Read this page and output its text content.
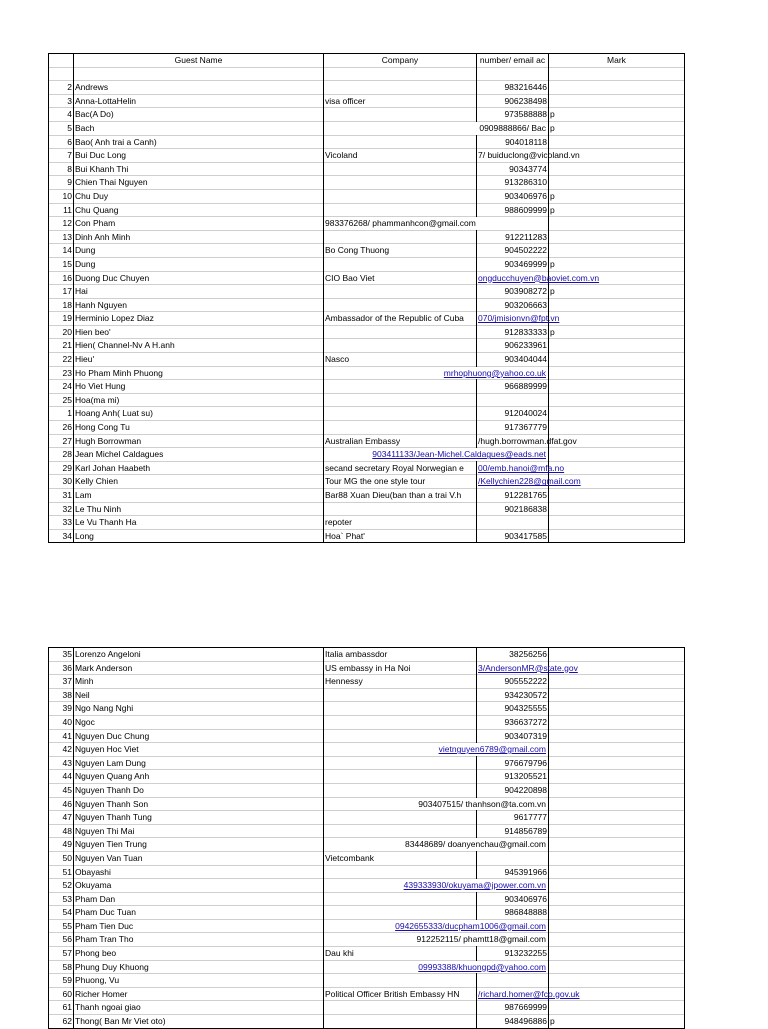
	Guest Name	Company	number/ email ac	Mark

2	Andrews		983216446	
3	Anna-LottaHelin	visa officer	906238498	
4	Bac(A Do)		973588888	p
5	Bach	0909888866/ Bac		p
6	Bao( Anh trai a Canh)		904018118	
7	Bui Duc Long	Vicoland	7/ buiduclong@vicoland.vn	
8	Bui Khanh Thi		90343774	
9	Chien Thai Nguyen		913286310	
10	Chu Duy		903406976	p
11	Chu Quang		988609999	p
12	Con Pham	983376268/ phammanhcon@gmail.com		
13	Dinh Anh Minh		912211283	
14	Dung	Bo Cong Thuong	904502222	
15	Dung		903469999	p
16	Duong Duc Chuyen	CIO Bao Viet	ongducchuyen@baoviet.com.vn	
17	Hai		903908272	p
18	Hanh Nguyen		903206663	
19	Herminio Lopez Diaz	Ambassador of the Republic of Cuba	070/jmisionvn@fpt.vn	
20	Hien beo'		912833333	p
21	Hien( Channel-Nv A H.anh		906233961	
22	Hieu'	Nasco	903404044	
23	Ho Pham Minh Phuong	mrhophuong@yahoo.co.uk		
24	Ho Viet Hung		966889999	
25	Hoa(ma mi)			
1	Hoang Anh( Luat su)		912040024	
26	Hong Cong Tu		917367779	
27	Hugh Borrowman	Australian Embassy	/hugh.borrowman.dfat.gov	
28	Jean Michel Caldagues	903411133/Jean-Michel.Caldagues@eads.net		
29	Karl Johan Haabeth	secand secretary Royal Norwegian e	00/emb.hanoi@mfa.no	
30	Kelly Chien	Tour MG the one style tour	/Kellychien228@gmail.com	
31	Lam	Bar88 Xuan Dieu(ban than a trai V.h	912281765	
32	Le Thu Ninh		902186838	
33	Le Vu Thanh Ha	repoter		
34	Long	Hoa` Phat'	903417585	
35	Lorenzo Angeloni	Italia ambassdor	38256256	
36	Mark Anderson	US embassy in Ha Noi	3/AndersonMR@state.gov	
37	Minh	Hennessy	905552222	
38	Neil		934230572	
39	Ngo Nang Nghi		904325555	
40	Ngoc		936637272	
41	Nguyen Duc Chung		903407319	
42	Nguyen Hoc Viet	vietnguyen6789@gmail.com		
43	Nguyen Lam Dung		976679796	
44	Nguyen Quang Anh		913205521	
45	Nguyen Thanh Do		904220898	
46	Nguyen Thanh Son	903407515/ thanhson@ta.com.vn		
47	Nguyen Thanh Tung		9617777	
48	Nguyen Thi Mai		914856789	
49	Nguyen Tien Trung	83448689/ doanyenchau@gmail.com		
50	Nguyen Van Tuan	Vietcombank		
51	Obayashi		945391966	
52	Okuyama	439333930/okuyama@jpower.com.vn		
53	Pham Dan		903406976	
54	Pham Duc Tuan		986848888	
55	Pham Tien Duc	0942655333/ducpham1006@gmail.com		
56	Pham Tran Tho	912252115/ phamtt18@gmail.com		
57	Phong beo	Dau khi	913232255	
58	Phung Duy Khuong	09993388/khuongpd@yahoo.com		
59	Phuong, Vu			
60	Richer Homer	Political Officer British Embassy HN	/richard.homer@fco.gov.uk	
61	Thanh ngoai giao		987669999	
62	Thong( Ban Mr Viet oto)		948496886	p
